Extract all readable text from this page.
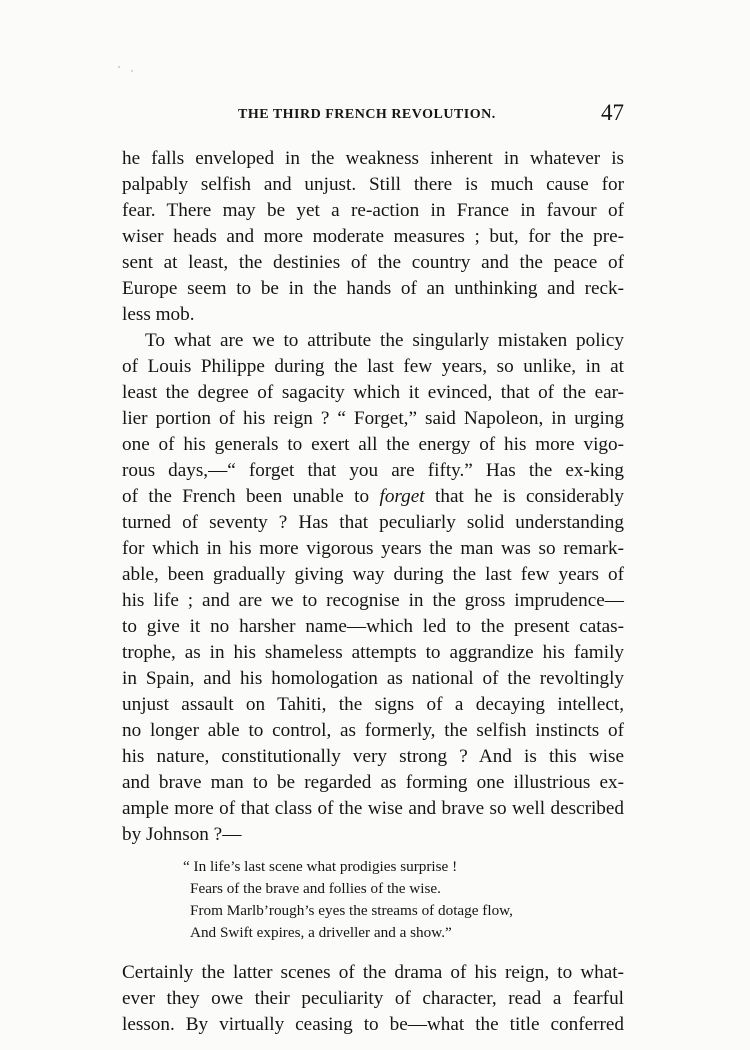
THE THIRD FRENCH REVOLUTION.	47
he falls enveloped in the weakness inherent in whatever is
palpably selfish and unjust. Still there is much cause for
fear. There may be yet a re-action in France in favour of
wiser heads and more moderate measures ; but, for the pre-
sent at least, the destinies of the country and the peace of
Europe seem to be in the hands of an unthinking and reck-
less mob.
To what are we to attribute the singularly mistaken policy
of Louis Philippe during the last few years, so unlike, in at
least the degree of sagacity which it evinced, that of the ear-
lier portion of his reign ? “ Forget,” said Napoleon, in urging
one of his generals to exert all the energy of his more vigo-
rous days,—“ forget that you are fifty.” Has the ex-king
of the French been unable to forget that he is considerably
turned of seventy ? Has that peculiarly solid understanding
for which in his more vigorous years the man was so remark-
able, been gradually giving way during the last few years of
his life ; and are we to recognise in the gross imprudence—
to give it no harsher name—which led to the present catas-
trophe, as in his shameless attempts to aggrandize his family
in Spain, and his homologation as national of the revoltingly
unjust assault on Tahiti, the signs of a decaying intellect,
no longer able to control, as formerly, the selfish instincts of
his nature, constitutionally very strong ? And is this wise
and brave man to be regarded as forming one illustrious ex-
ample more of that class of the wise and brave so well described
by Johnson ?—
“ In life’s last scene what prodigies surprise !
Fears of the brave and follies of the wise.
From Marlb’rough’s eyes the streams of dotage flow,
And Swift expires, a driveller and a show.”
Certainly the latter scenes of the drama of his reign, to what-
ever they owe their peculiarity of character, read a fearful
lesson. By virtually ceasing to be—what the title conferred
